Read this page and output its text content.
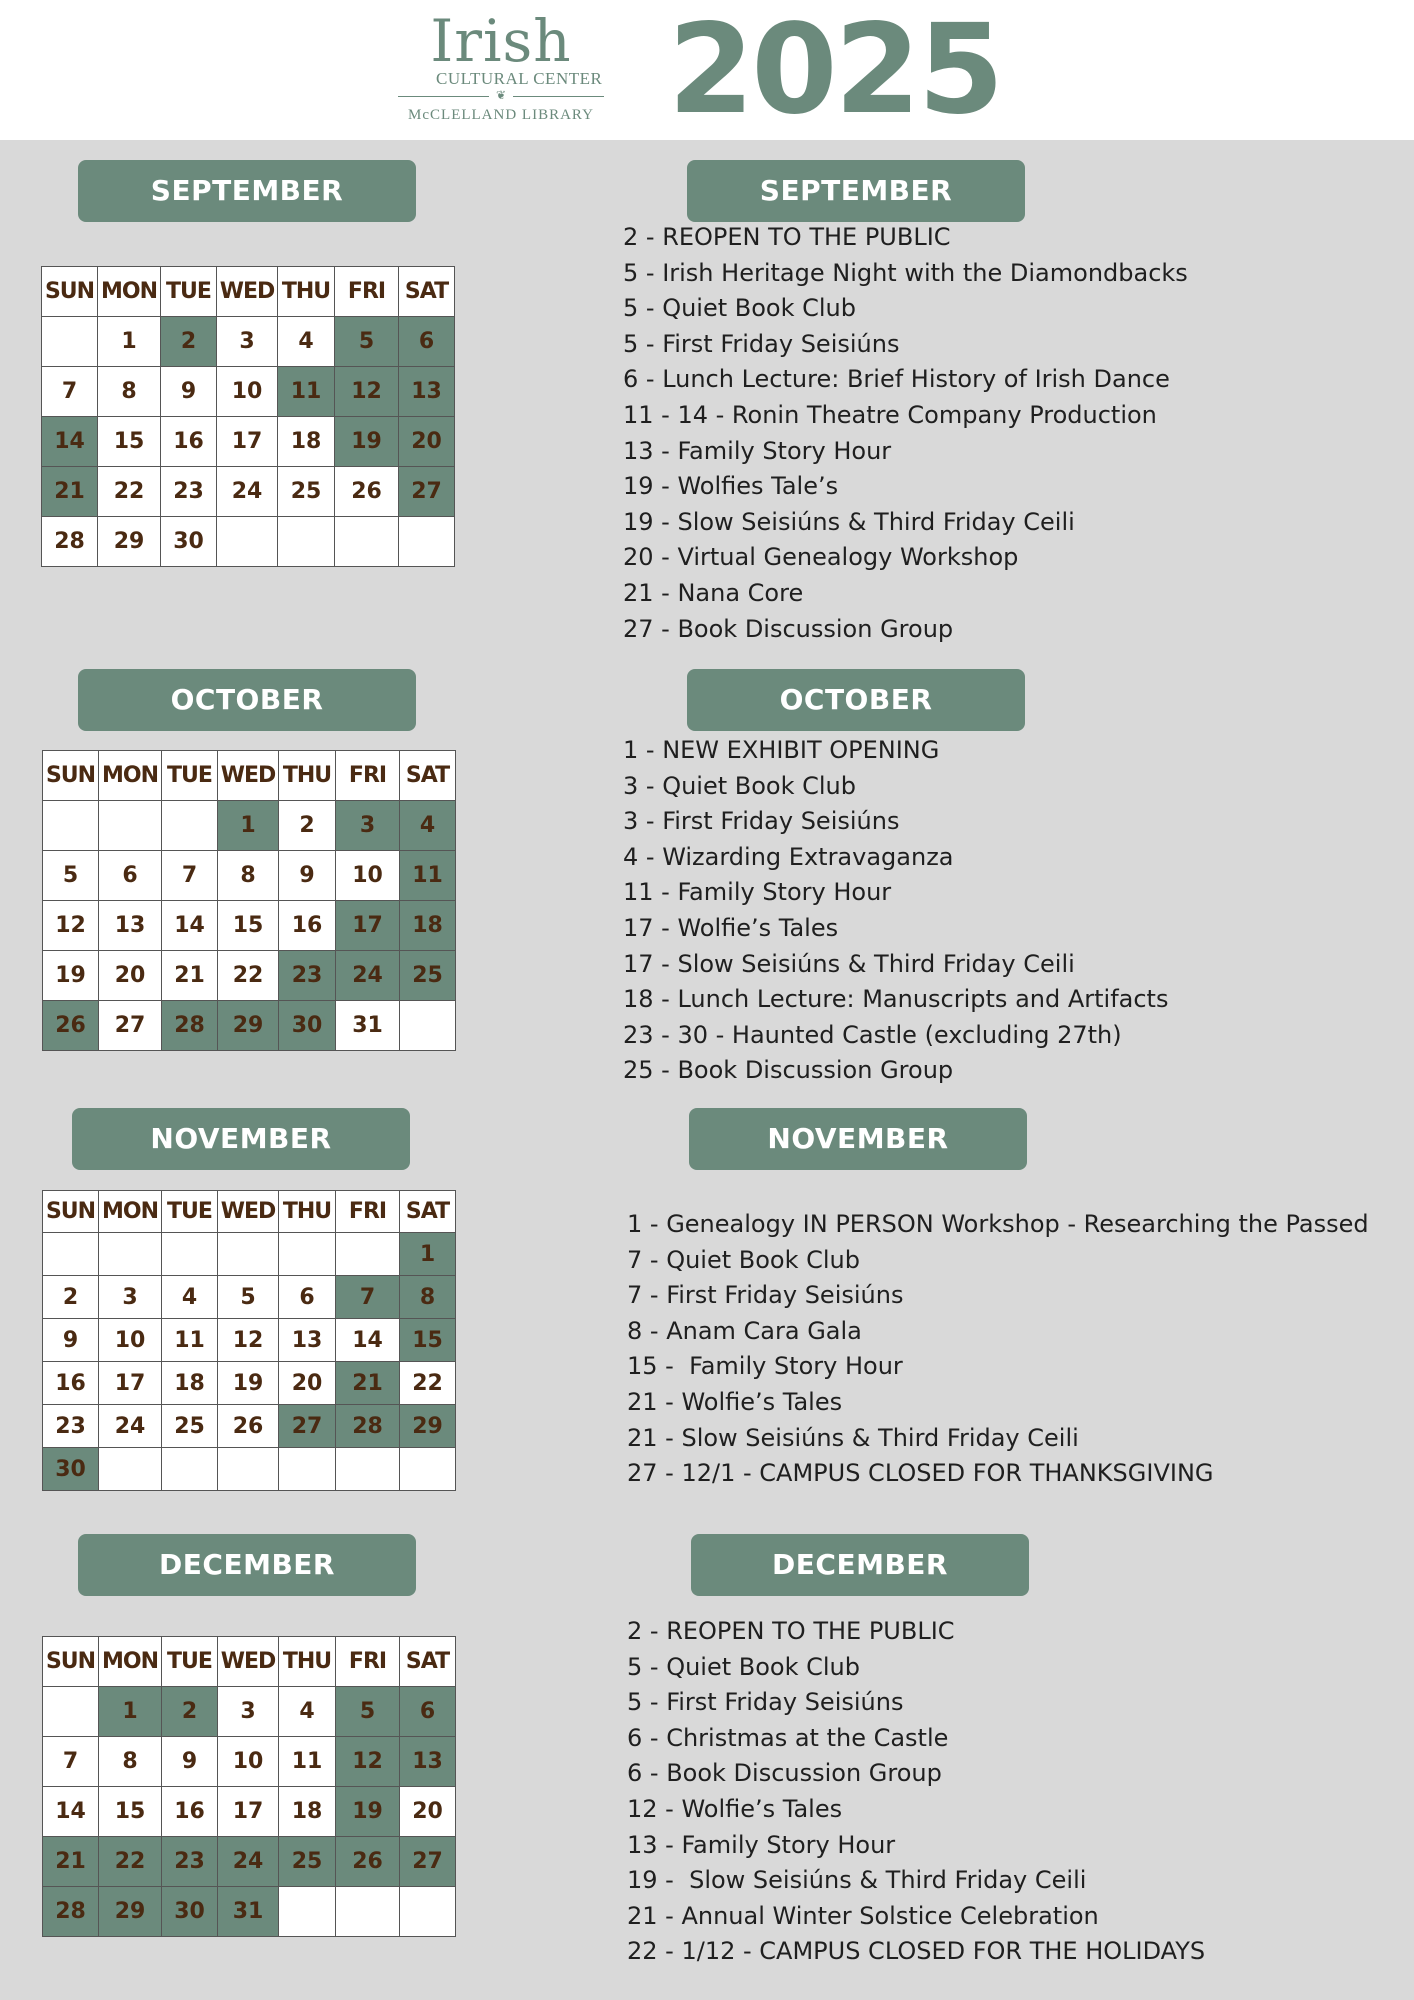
Irish
CULTURAL CENTER
❦
McCLELLAND LIBRARY 2025
SEPTEMBER	SEPTEMBER
SUN	MON	TUE	WED	THU	FRI	SAT
	1	2	3	4	5	6
7	8	9	10	11	12	13
14	15	16	17	18	19	20
21	22	23	24	25	26	27
28	29	30				
2 - REOPEN TO THE PUBLIC
5 - Irish Heritage Night with the Diamondbacks
5 - Quiet Book Club
5 - First Friday Seisiúns
6 - Lunch Lecture: Brief History of Irish Dance
11 - 14 - Ronin Theatre Company Production
13 - Family Story Hour
19 - Wolfies Tale’s
19 - Slow Seisiúns & Third Friday Ceili
20 - Virtual Genealogy Workshop
21 - Nana Core
27 - Book Discussion Group
OCTOBER	OCTOBER
SUN	MON	TUE	WED	THU	FRI	SAT
			1	2	3	4
5	6	7	8	9	10	11
12	13	14	15	16	17	18
19	20	21	22	23	24	25
26	27	28	29	30	31	
1 - NEW EXHIBIT OPENING
3 - Quiet Book Club
3 - First Friday Seisiúns
4 - Wizarding Extravaganza
11 - Family Story Hour
17 - Wolfie’s Tales
17 - Slow Seisiúns & Third Friday Ceili
18 - Lunch Lecture: Manuscripts and Artifacts
23 - 30 - Haunted Castle (excluding 27th)
25 - Book Discussion Group
NOVEMBER	NOVEMBER
SUN	MON	TUE	WED	THU	FRI	SAT
						1
2	3	4	5	6	7	8
9	10	11	12	13	14	15
16	17	18	19	20	21	22
23	24	25	26	27	28	29
30						
1 - Genealogy IN PERSON Workshop - Researching the Passed
7 - Quiet Book Club
7 - First Friday Seisiúns
8 - Anam Cara Gala
15 -  Family Story Hour
21 - Wolfie’s Tales
21 - Slow Seisiúns & Third Friday Ceili
27 - 12/1 - CAMPUS CLOSED FOR THANKSGIVING
DECEMBER	DECEMBER
SUN	MON	TUE	WED	THU	FRI	SAT
	1	2	3	4	5	6
7	8	9	10	11	12	13
14	15	16	17	18	19	20
21	22	23	24	25	26	27
28	29	30	31			
2 - REOPEN TO THE PUBLIC
5 - Quiet Book Club
5 - First Friday Seisiúns
6 - Christmas at the Castle
6 - Book Discussion Group
12 - Wolfie’s Tales
13 - Family Story Hour
19 -  Slow Seisiúns & Third Friday Ceili
21 - Annual Winter Solstice Celebration
22 - 1/12 - CAMPUS CLOSED FOR THE HOLIDAYS
